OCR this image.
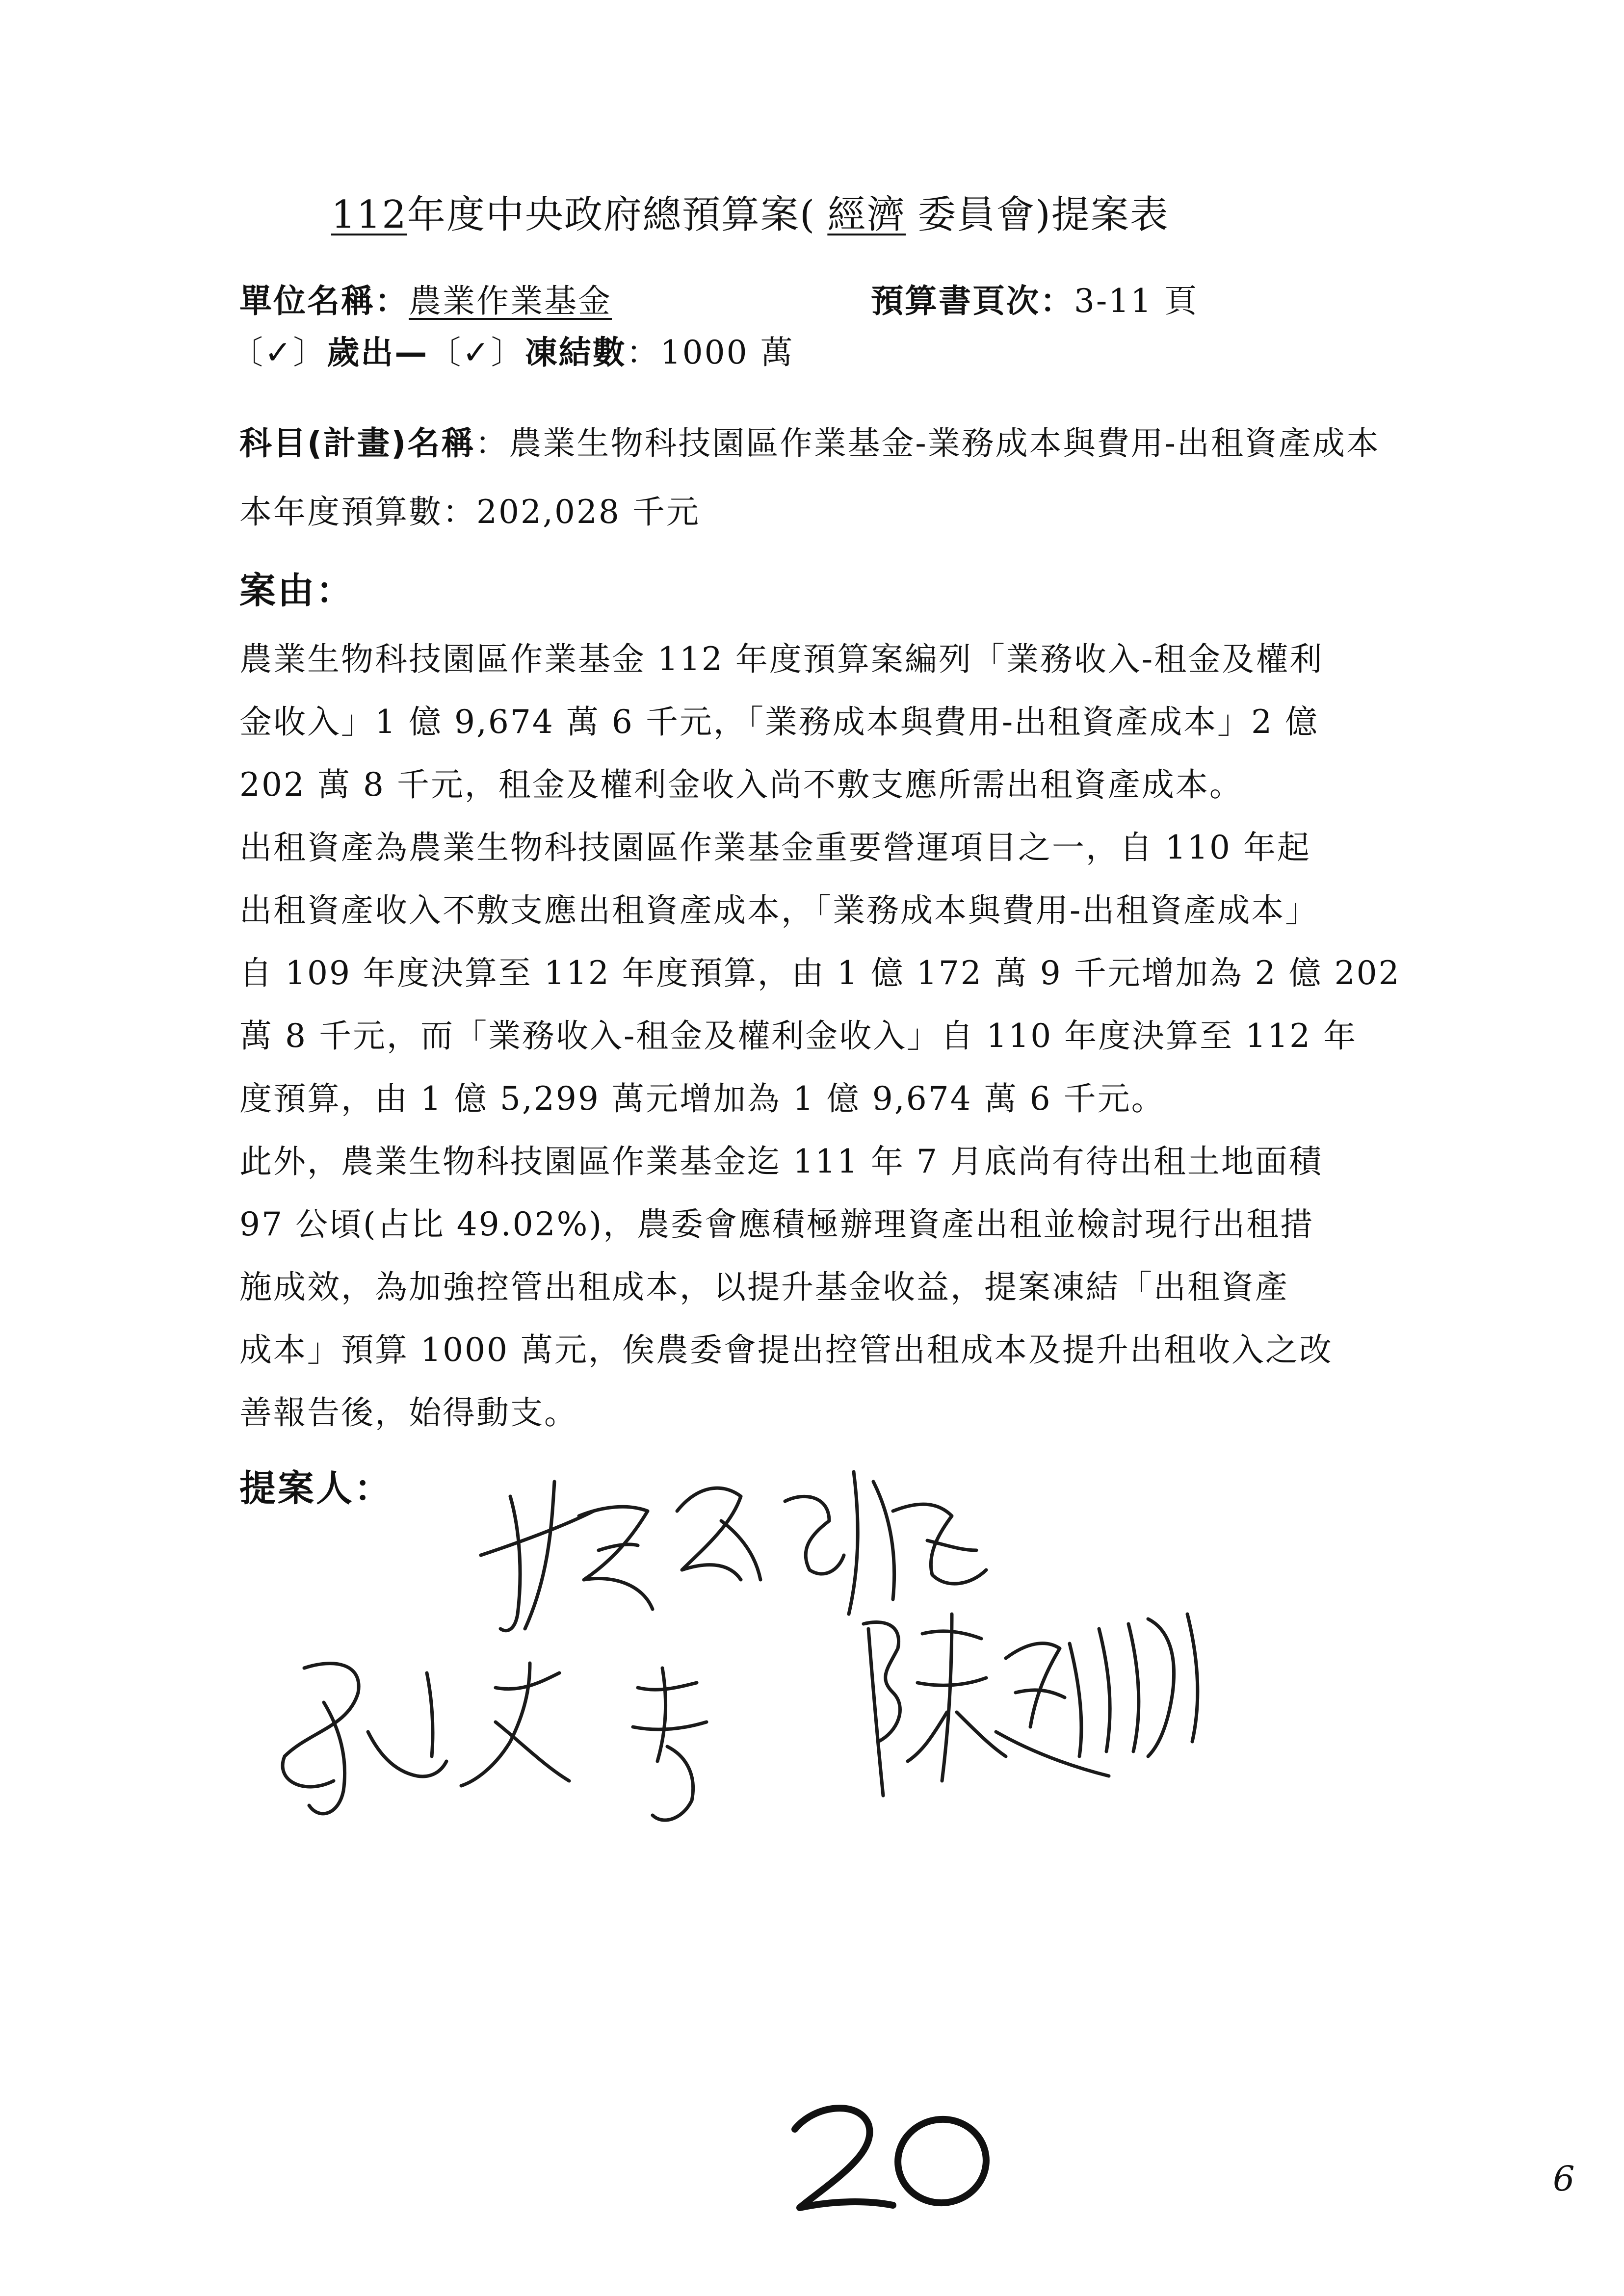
112年度中央政府總預算案( 經濟 委員會)提案表
單位名稱：農業作業基金	預算書頁次：3-11 頁
〔✓〕歲出—〔✓〕凍結數：1000 萬
科目(計畫)名稱：農業生物科技園區作業基金-業務成本與費用-出租資產成本
本年度預算數：202,028 千元
案由：
農業生物科技園區作業基金 112 年度預算案編列「業務收入-租金及權利
金收入」1 億 9,674 萬 6 千元，「業務成本與費用-出租資產成本」2 億
202 萬 8 千元，租金及權利金收入尚不敷支應所需出租資產成本。
出租資產為農業生物科技園區作業基金重要營運項目之一，自 110 年起
出租資產收入不敷支應出租資產成本，「業務成本與費用-出租資產成本」
自 109 年度決算至 112 年度預算，由 1 億 172 萬 9 千元增加為 2 億 202
萬 8 千元，而「業務收入-租金及權利金收入」自 110 年度決算至 112 年
度預算，由 1 億 5,299 萬元增加為 1 億 9,674 萬 6 千元。
此外，農業生物科技園區作業基金迄 111 年 7 月底尚有待出租土地面積
97 公頃(占比 49.02%)，農委會應積極辦理資產出租並檢討現行出租措
施成效，為加強控管出租成本，以提升基金收益，提案凍結「出租資產
成本」預算 1000 萬元，俟農委會提出控管出租成本及提升出租收入之改
善報告後，始得動支。
提案人：
6
